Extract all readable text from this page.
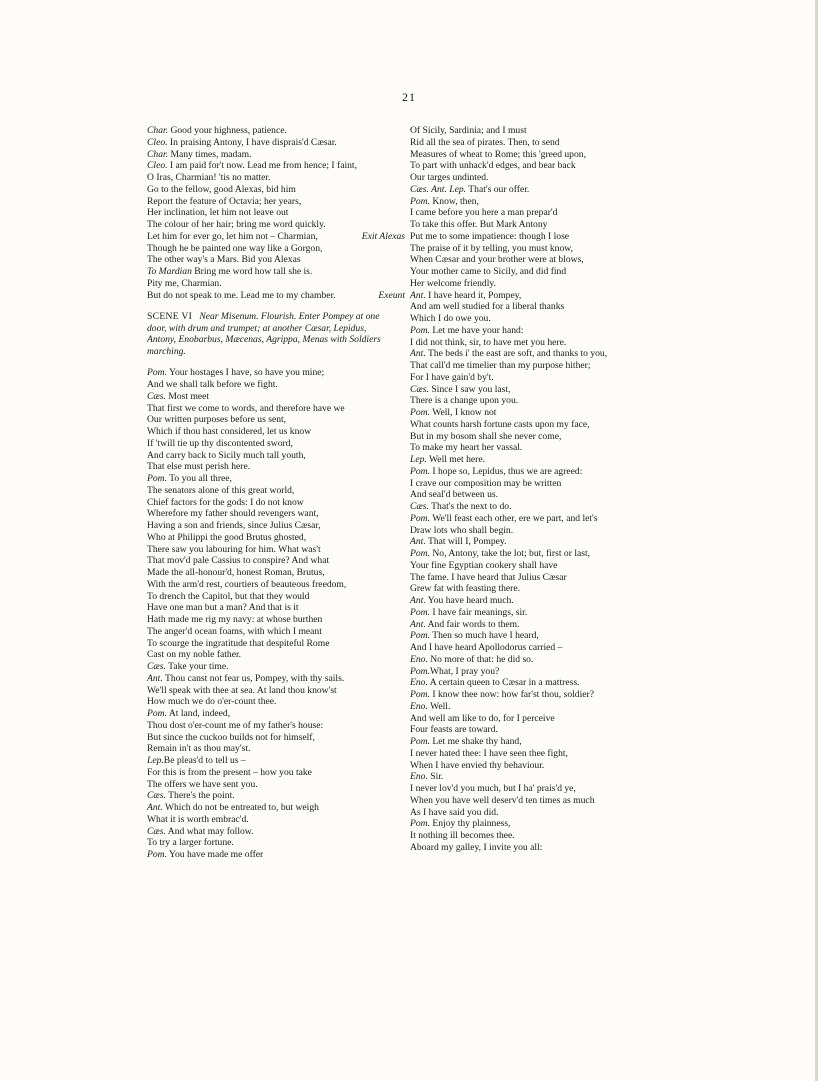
21
Char. Good your highness, patience.
Cleo. In praising Antony, I have disprais'd Cæsar.
Char. Many times, madam.
Cleo. I am paid for't now. Lead me from hence; I faint,
O Iras, Charmian! 'tis no matter.
Go to the fellow, good Alexas, bid him
Report the feature of Octavia; her years,
Her inclination, let him not leave out
The colour of her hair; bring me word quickly.
Let him for ever go, let him not – Charmian,	Exit Alexas
Though he be painted one way like a Gorgon,
The other way's a Mars. Bid you Alexas
To Mardian Bring me word how tall she is.
Pity me, Charmian.
But do not speak to me. Lead me to my chamber.	Exeunt
SCENE VI Near Misenum. Flourish. Enter Pompey at one door, with drum and trumpet; at another Cæsar, Lepidus, Antony, Enobarbus, Mæcenas, Agrippa, Menas with Soldiers marching.
Pom. Your hostages I have, so have you mine;
And we shall talk before we fight.
Cæs. Most meet
That first we come to words, and therefore have we
Our written purposes before us sent,
Which if thou hast considered, let us know
If 'twill tie up thy discontented sword,
And carry back to Sicily much tall youth,
That else must perish here.
Pom. To you all three,
The senators alone of this great world,
Chief factors for the gods: I do not know
Wherefore my father should revengers want,
Having a son and friends, since Julius Cæsar,
Who at Philippi the good Brutus ghosted,
There saw you labouring for him. What was't
That mov'd pale Cassius to conspire? And what
Made the all-honour'd, honest Roman, Brutus,
With the arm'd rest, courtiers of beauteous freedom,
To drench the Capitol, but that they would
Have one man but a man? And that is it
Hath made me rig my navy: at whose burthen
The anger'd ocean foams, with which I meant
To scourge the ingratitude that despiteful Rome
Cast on my noble father.
Cæs. Take your time.
Ant. Thou canst not fear us, Pompey, with thy sails.
We'll speak with thee at sea. At land thou know'st
How much we do o'er-count thee.
Pom. At land, indeed,
Thou dost o'er-count me of my father's house:
But since the cuckoo builds not for himself,
Remain in't as thou may'st.
Lep.Be pleas'd to tell us –
For this is from the present – how you take
The offers we have sent you.
Cæs. There's the point.
Ant. Which do not be entreated to, but weigh
What it is worth embrac'd.
Cæs. And what may follow.
To try a larger fortune.
Pom. You have made me offer
Of Sicily, Sardinia; and I must
Rid all the sea of pirates. Then, to send
Measures of wheat to Rome; this 'greed upon,
To part with unhack'd edges, and bear back
Our targes undinted.
Cæs. Ant. Lep. That's our offer.
Pom. Know, then,
I came before you here a man prepar'd
To take this offer. But Mark Antony
Put me to some impatience: though I lose
The praise of it by telling, you must know,
When Cæsar and your brother were at blows,
Your mother came to Sicily, and did find
Her welcome friendly.
Ant. I have heard it, Pompey,
And am well studied for a liberal thanks
Which I do owe you.
Pom. Let me have your hand:
I did not think, sir, to have met you here.
Ant. The beds i' the east are soft, and thanks to you,
That call'd me timelier than my purpose hither;
For I have gain'd by't.
Cæs. Since I saw you last,
There is a change upon you.
Pom. Well, I know not
What counts harsh fortune casts upon my face,
But in my bosom shall she never come,
To make my heart her vassal.
Lep. Well met here.
Pom. I hope so, Lepidus, thus we are agreed:
I crave our composition may be written
And seal'd between us.
Cæs. That's the next to do.
Pom. We'll feast each other, ere we part, and let's
Draw lots who shall begin.
Ant. That will I, Pompey.
Pom. No, Antony, take the lot; but, first or last,
Your fine Egyptian cookery shall have
The fame. I have heard that Julius Cæsar
Grew fat with feasting there.
Ant. You have heard much.
Pom. I have fair meanings, sir.
Ant. And fair words to them.
Pom. Then so much have I heard,
And I have heard Apollodorus carried –
Eno. No more of that: he did so.
Pom.What, I pray you?
Eno. A certain queen to Cæsar in a mattress.
Pom. I know thee now: how far'st thou, soldier?
Eno. Well.
And well am like to do, for I perceive
Four feasts are toward.
Pom. Let me shake thy hand,
I never hated thee: I have seen thee fight,
When I have envied thy behaviour.
Eno. Sir.
I never lov'd you much, but I ha' prais'd ye,
When you have well deserv'd ten times as much
As I have said you did.
Pom. Enjoy thy plainness,
It nothing ill becomes thee.
Aboard my galley, I invite you all:
